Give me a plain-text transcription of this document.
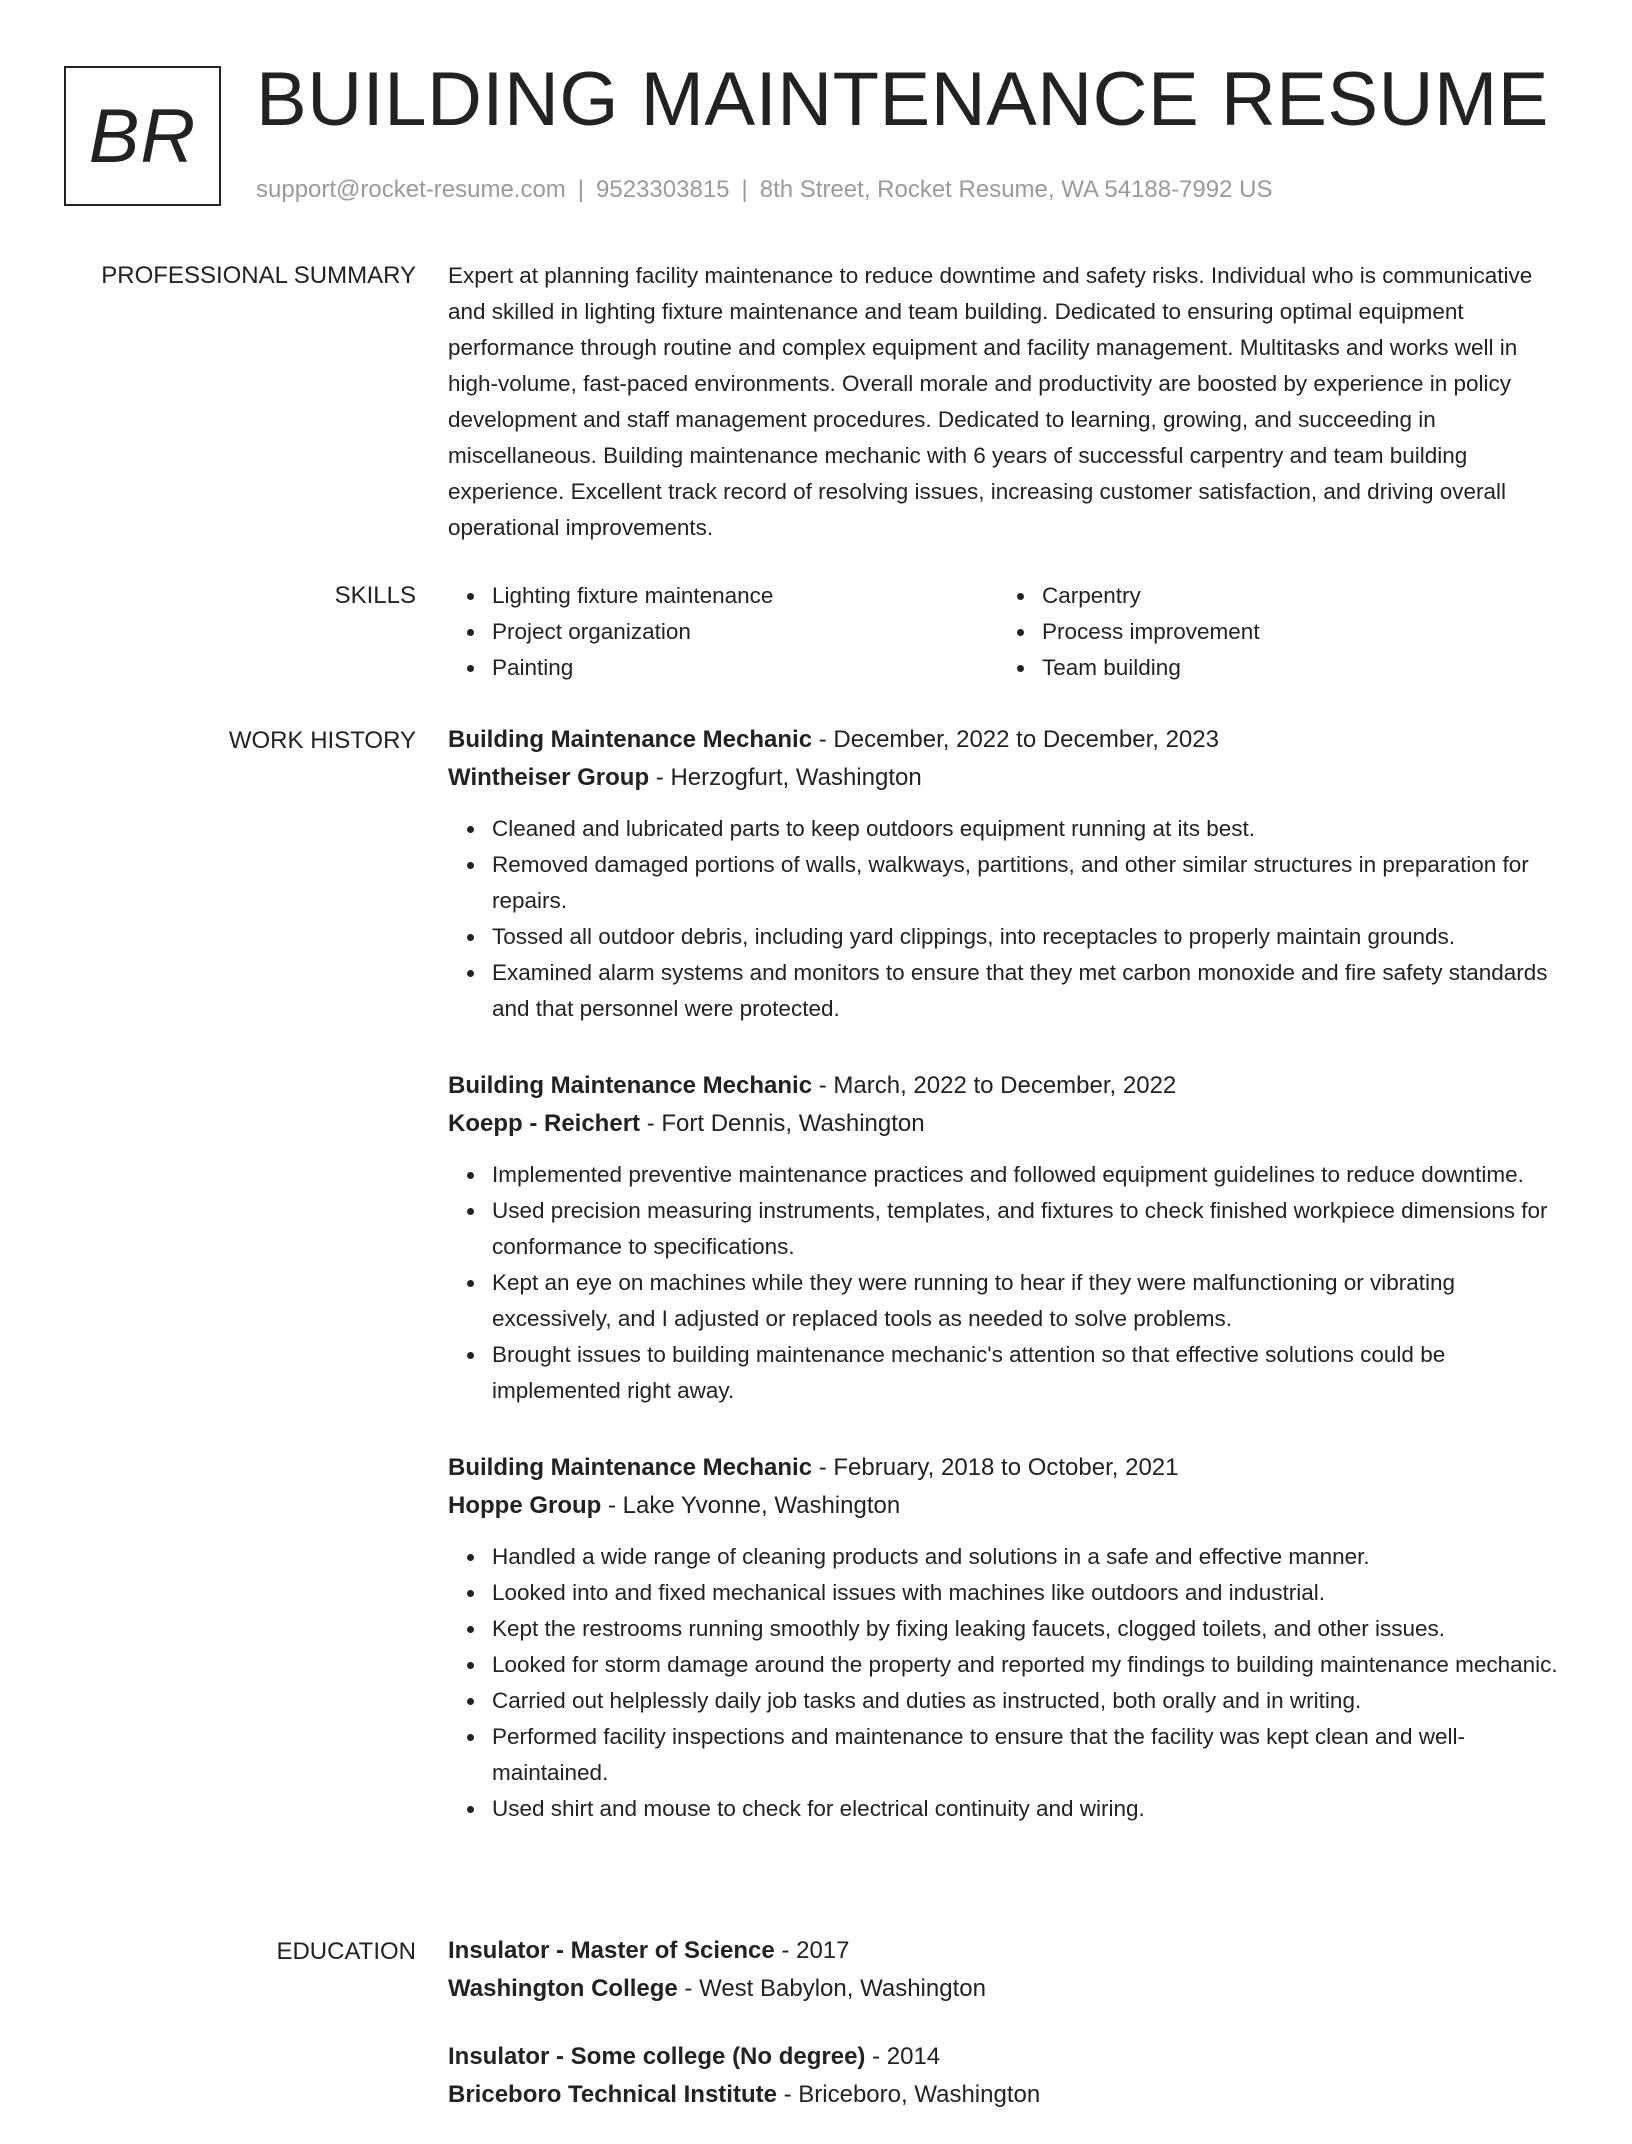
BR BUILDING MAINTENANCE RESUME
support@rocket-resume.com | 9523303815 | 8th Street, Rocket Resume, WA 54188-7992 US
PROFESSIONAL SUMMARY Expert at planning facility maintenance to reduce downtime and safety risks. Individual who is communicative and skilled in lighting fixture maintenance and team building. Dedicated to ensuring optimal equipment performance through routine and complex equipment and facility management. Multitasks and works well in high-volume, fast-paced environments. Overall morale and productivity are boosted by experience in policy development and staff management procedures. Dedicated to learning, growing, and succeeding in miscellaneous. Building maintenance mechanic with 6 years of successful carpentry and team building experience. Excellent track record of resolving issues, increasing customer satisfaction, and driving overall operational improvements.

SKILLS	Lighting fixture maintenance
Project organization
Painting
Carpentry
Process improvement
Team building
WORK HISTORY Building Maintenance Mechanic - December, 2022 to December, 2023
Wintheiser Group - Herzogfurt, Washington
Cleaned and lubricated parts to keep outdoors equipment running at its best.
Removed damaged portions of walls, walkways, partitions, and other similar structures in preparation for repairs.
Tossed all outdoor debris, including yard clippings, into receptacles to properly maintain grounds.
Examined alarm systems and monitors to ensure that they met carbon monoxide and fire safety standards and that personnel were protected.
Building Maintenance Mechanic - March, 2022 to December, 2022
Koepp - Reichert - Fort Dennis, Washington
Implemented preventive maintenance practices and followed equipment guidelines to reduce downtime.
Used precision measuring instruments, templates, and fixtures to check finished workpiece dimensions for conformance to specifications.
Kept an eye on machines while they were running to hear if they were malfunctioning or vibrating excessively, and I adjusted or replaced tools as needed to solve problems.
Brought issues to building maintenance mechanic's attention so that effective solutions could be implemented right away.
Building Maintenance Mechanic - February, 2018 to October, 2021
Hoppe Group - Lake Yvonne, Washington
Handled a wide range of cleaning products and solutions in a safe and effective manner.
Looked into and fixed mechanical issues with machines like outdoors and industrial.
Kept the restrooms running smoothly by fixing leaking faucets, clogged toilets, and other issues.
Looked for storm damage around the property and reported my findings to building maintenance mechanic.
Carried out helplessly daily job tasks and duties as instructed, both orally and in writing.
Performed facility inspections and maintenance to ensure that the facility was kept clean and well-maintained.
Used shirt and mouse to check for electrical continuity and wiring.
EDUCATION Insulator - Master of Science - 2017
Washington College - West Babylon, Washington
Insulator - Some college (No degree) - 2014
Briceboro Technical Institute - Briceboro, Washington
